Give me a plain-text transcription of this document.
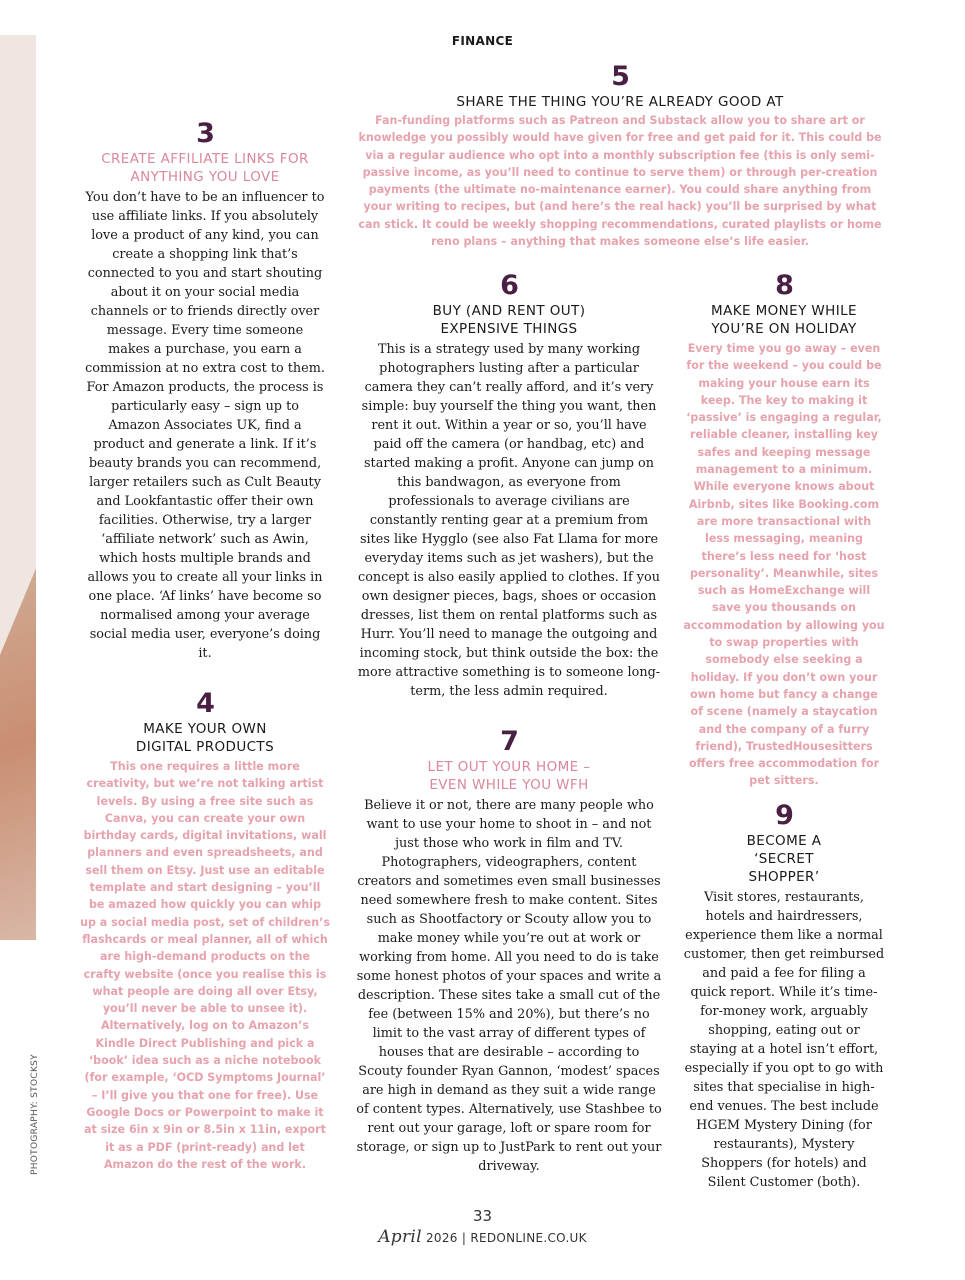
FINANCE
5
SHARE THE THING YOU’RE ALREADY GOOD AT
Fan-funding platforms such as Patreon and Substack allow you to share art or knowledge you possibly would have given for free and get paid for it. This could be via a regular audience who opt into a monthly subscription fee (this is only semi-passive income, as you’ll need to continue to serve them) or through per-creation payments (the ultimate no-maintenance earner). You could share anything from your writing to recipes, but (and here’s the real hack) you’ll be surprised by what can stick. It could be weekly shopping recommendations, curated playlists or home reno plans – anything that makes someone else’s life easier.
3
CREATE AFFILIATE LINKS FOR ANYTHING YOU LOVE
You don’t have to be an influencer to use affiliate links. If you absolutely love a product of any kind, you can create a shopping link that’s connected to you and start shouting about it on your social media channels or to friends directly over message. Every time someone makes a purchase, you earn a commission at no extra cost to them. For Amazon products, the process is particularly easy – sign up to Amazon Associates UK, find a product and generate a link. If it’s beauty brands you can recommend, larger retailers such as Cult Beauty and Lookfantastic offer their own facilities. Otherwise, try a larger ‘affiliate network’ such as Awin, which hosts multiple brands and allows you to create all your links in one place. ‘Af links’ have become so normalised among your average social media user, everyone’s doing it.
6
BUY (AND RENT OUT) EXPENSIVE THINGS
This is a strategy used by many working photographers lusting after a particular camera they can’t really afford, and it’s very simple: buy yourself the thing you want, then rent it out. Within a year or so, you’ll have paid off the camera (or handbag, etc) and started making a profit. Anyone can jump on this bandwagon, as everyone from professionals to average civilians are constantly renting gear at a premium from sites like Hygglo (see also Fat Llama for more everyday items such as jet washers), but the concept is also easily applied to clothes. If you own designer pieces, bags, shoes or occasion dresses, list them on rental platforms such as Hurr. You’ll need to manage the outgoing and incoming stock, but think outside the box: the more attractive something is to someone long-term, the less admin required.
8
MAKE MONEY WHILE YOU’RE ON HOLIDAY
Every time you go away – even for the weekend – you could be making your house earn its keep. The key to making it ‘passive’ is engaging a regular, reliable cleaner, installing key safes and keeping message management to a minimum. While everyone knows about Airbnb, sites like Booking.com are more transactional with less messaging, meaning there’s less need for ‘host personality’. Meanwhile, sites such as HomeExchange will save you thousands on accommodation by allowing you to swap properties with somebody else seeking a holiday. If you don’t own your own home but fancy a change of scene (namely a staycation and the company of a furry friend), TrustedHousesitters offers free accommodation for pet sitters.
4
MAKE YOUR OWN DIGITAL PRODUCTS
This one requires a little more creativity, but we’re not talking artist levels. By using a free site such as Canva, you can create your own birthday cards, digital invitations, wall planners and even spreadsheets, and sell them on Etsy. Just use an editable template and start designing – you’ll be amazed how quickly you can whip up a social media post, set of children’s flashcards or meal planner, all of which are high-demand products on the crafty website (once you realise this is what people are doing all over Etsy, you’ll never be able to unsee it). Alternatively, log on to Amazon’s Kindle Direct Publishing and pick a ‘book’ idea such as a niche notebook (for example, ‘OCD Symptoms Journal’ – I’ll give you that one for free). Use Google Docs or Powerpoint to make it at size 6in x 9in or 8.5in x 11in, export it as a PDF (print-ready) and let Amazon do the rest of the work.
7
LET OUT YOUR HOME – EVEN WHILE YOU WFH
Believe it or not, there are many people who want to use your home to shoot in – and not just those who work in film and TV. Photographers, videographers, content creators and sometimes even small businesses need somewhere fresh to make content. Sites such as Shootfactory or Scouty allow you to make money while you’re out at work or working from home. All you need to do is take some honest photos of your spaces and write a description. These sites take a small cut of the fee (between 15% and 20%), but there’s no limit to the vast array of different types of houses that are desirable – according to Scouty founder Ryan Gannon, ‘modest’ spaces are high in demand as they suit a wide range of content types. Alternatively, use Stashbee to rent out your garage, loft or spare room for storage, or sign up to JustPark to rent out your driveway.
9
BECOME A ‘SECRET SHOPPER’
Visit stores, restaurants, hotels and hairdressers, experience them like a normal customer, then get reimbursed and paid a fee for filing a quick report. While it’s time-for-money work, arguably shopping, eating out or staying at a hotel isn’t effort, especially if you opt to go with sites that specialise in high-end venues. The best include HGEM Mystery Dining (for restaurants), Mystery Shoppers (for hotels) and Silent Customer (both).
PHOTOGRAPHY: STOCKSY
33
April 2026 | REDONLINE.CO.UK
